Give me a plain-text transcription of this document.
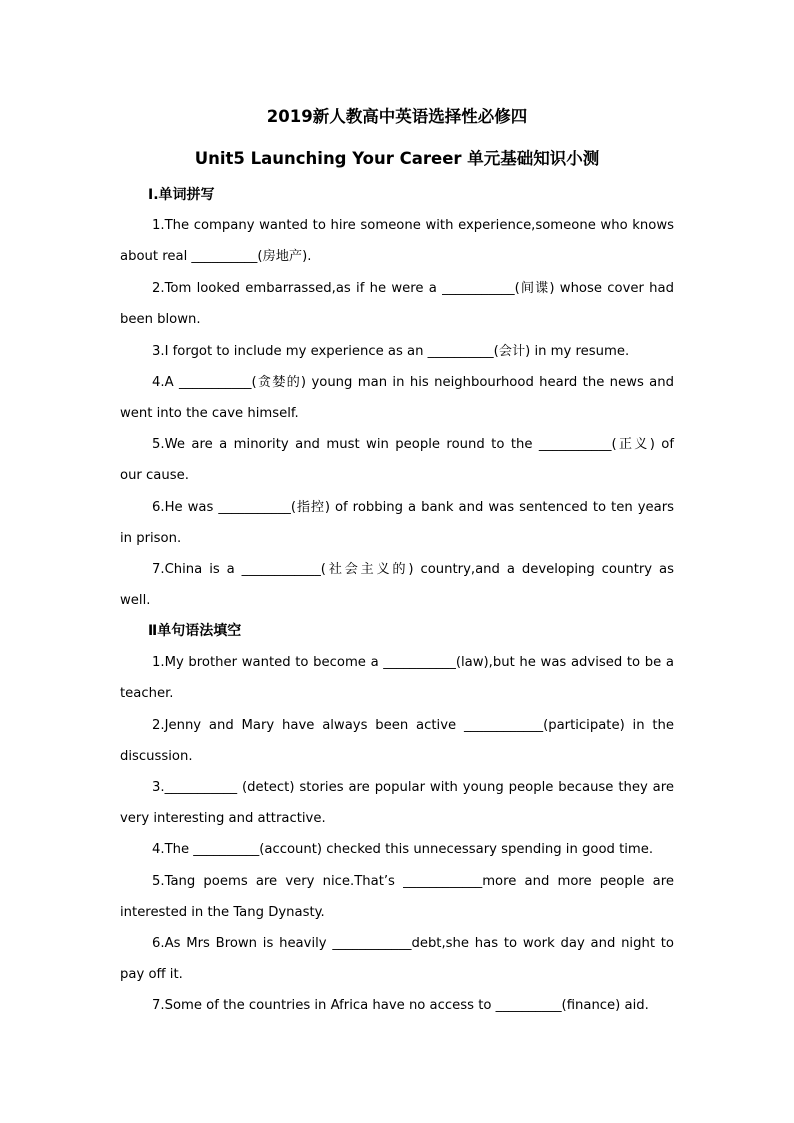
2019新人教高中英语选择性必修四
Unit5 Launching Your Career 单元基础知识小测
Ⅰ.单词拼写
1.The company wanted to hire someone with experience,someone who knows
about real __________(房地产).
2.Tom looked embarrassed,as if he were a ___________(间谍) whose cover had
been blown.
3.I forgot to include my experience as an __________(会计) in my resume.
4.A ___________(贪婪的) young man in his neighbourhood heard the news and
went into the cave himself.
5.We are a minority and must win people round to the ___________(正义) of
our cause.
6.He was ___________(指控) of robbing a bank and was sentenced to ten years
in prison.
7.China is a ____________(社会主义的) country,and a developing country as
well.
Ⅱ单句语法填空
1.My brother wanted to become a ___________(law),but he was advised to be a
teacher.
2.Jenny and Mary have always been active ____________(participate) in the
discussion.
3.___________ (detect) stories are popular with young people because they are
very interesting and attractive.
4.The __________(account) checked this unnecessary spending in good time.
5.Tang poems are very nice.That’s ____________more and more people are
interested in the Tang Dynasty.
6.As Mrs Brown is heavily ____________debt,she has to work day and night to
pay off it.
7.Some of the countries in Africa have no access to __________(finance) aid.
